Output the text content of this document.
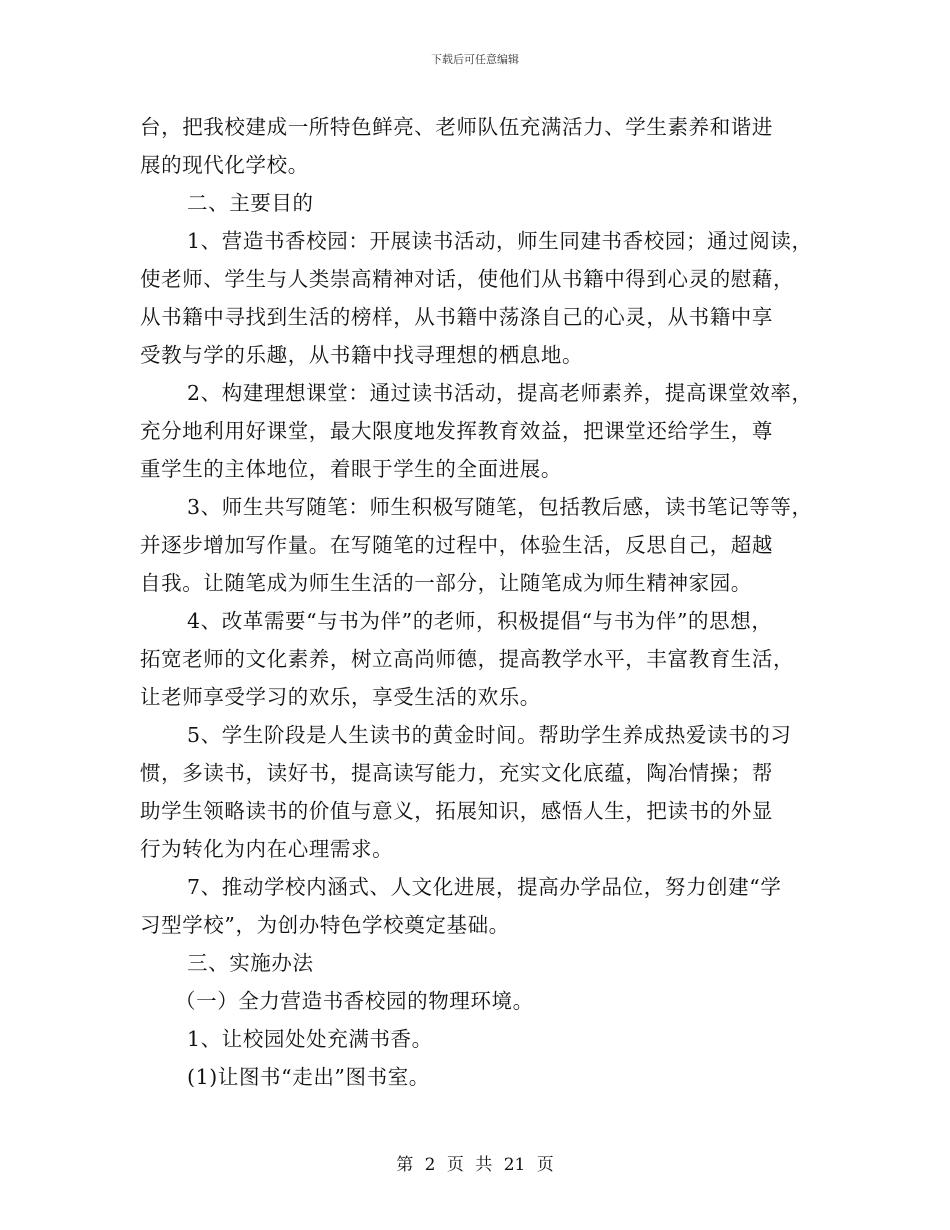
下载后可任意编辑
台，把我校建成一所特色鲜亮、老师队伍充满活力、学生素养和谐进
展的现代化学校。
二、主要目的
1、营造书香校园：开展读书活动，师生同建书香校园；通过阅读，
使老师、学生与人类崇高精神对话，使他们从书籍中得到心灵的慰藉，
从书籍中寻找到生活的榜样，从书籍中荡涤自己的心灵，从书籍中享
受教与学的乐趣，从书籍中找寻理想的栖息地。
2、构建理想课堂：通过读书活动，提高老师素养，提高课堂效率，
充分地利用好课堂，最大限度地发挥教育效益，把课堂还给学生，尊
重学生的主体地位，着眼于学生的全面进展。
3、师生共写随笔：师生积极写随笔，包括教后感，读书笔记等等，
并逐步增加写作量。在写随笔的过程中，体验生活，反思自己，超越
自我。让随笔成为师生生活的一部分，让随笔成为师生精神家园。
4、改革需要“与书为伴”的老师，积极提倡“与书为伴”的思想，
拓宽老师的文化素养，树立高尚师德，提高教学水平，丰富教育生活，
让老师享受学习的欢乐，享受生活的欢乐。
5、学生阶段是人生读书的黄金时间。帮助学生养成热爱读书的习
惯，多读书，读好书，提高读写能力，充实文化底蕴，陶冶情操；帮
助学生领略读书的价值与意义，拓展知识，感悟人生，把读书的外显
行为转化为内在心理需求。
7、推动学校内涵式、人文化进展，提高办学品位，努力创建“学
习型学校”，为创办特色学校奠定基础。
三、实施办法
（一）全力营造书香校园的物理环境。
1、让校园处处充满书香。
(1)让图书“走出”图书室。
第 2 页 共 21 页
